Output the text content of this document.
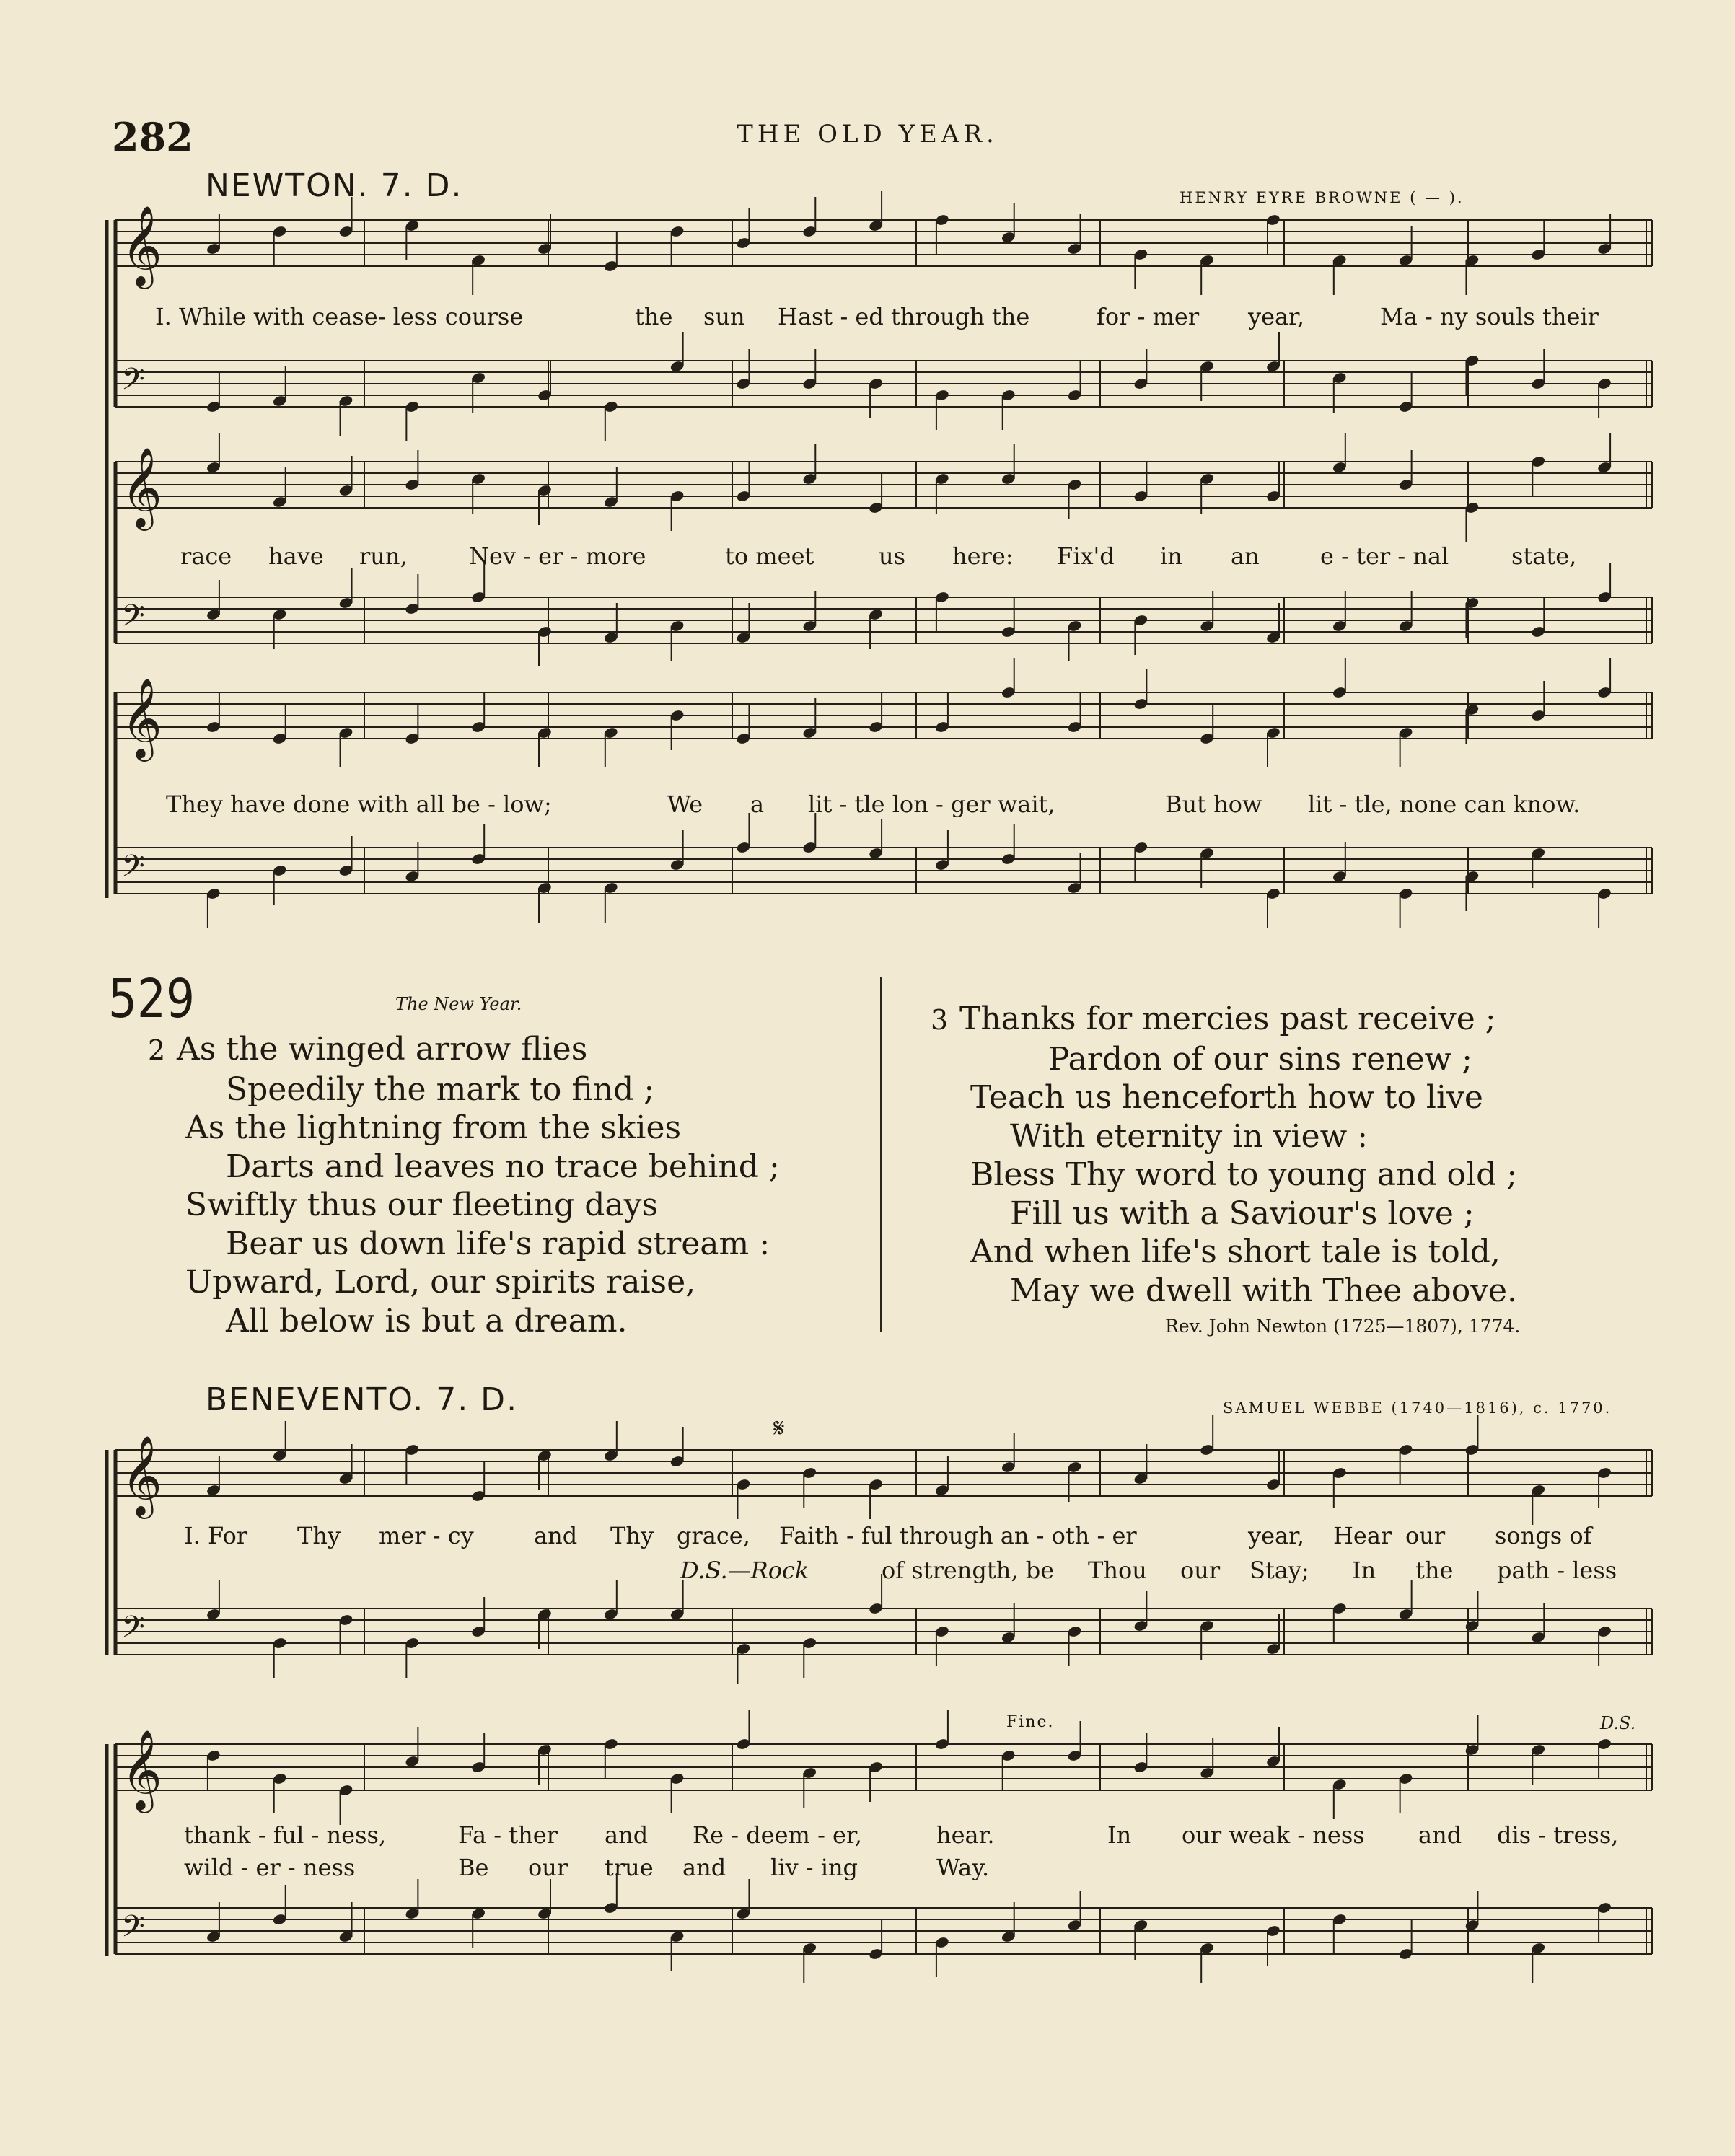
282	THE OLD YEAR.
NEWTON. 7. D.	HENRY EYRE BROWNE ( — ).
𝄞
𝄢
𝄞
𝄢
𝄞
𝄢
𝄞
𝄢
𝄞
𝄢
I. While with cease- less course	the sun Hast - ed through the	for - mer year,	Ma - ny souls their
race have run,	Nev - er - more	to meet	us here: Fix'd in an	e - ter - nal	state,
They have done with all be - low;	We a lit - tle lon - ger wait,	But how lit - tle, none can know.
529	The New Year.
2 As the winged arrow flies
Speedily the mark to find ;
As the lightning from the skies
Darts and leaves no trace behind ;
Swiftly thus our fleeting days
Bear us down life's rapid stream :
Upward, Lord, our spirits raise,
All below is but a dream.
3 Thanks for mercies past receive ;
Pardon of our sins renew ;
Teach us henceforth how to live
With eternity in view :
Bless Thy word to young and old ;
Fill us with a Saviour's love ;
And when life's short tale is told,
May we dwell with Thee above.
Rev. John Newton (1725—1807), 1774.
BENEVENTO. 7. D.	SAMUEL WEBBE (1740—1816), c. 1770.
𝄋
Fine.	D.S.
I. For Thy mer - cy	and Thy grace, Faith - ful through an - oth - er	year, Hear our songs of
D.S.—Rock	of strength, be Thou our Stay; In the path - less
thank - ful - ness,	Fa - ther and Re - deem - er,	hear.	In our weak - ness and dis - tress,
wild - er - ness	Be our true and liv - ing	Way.
